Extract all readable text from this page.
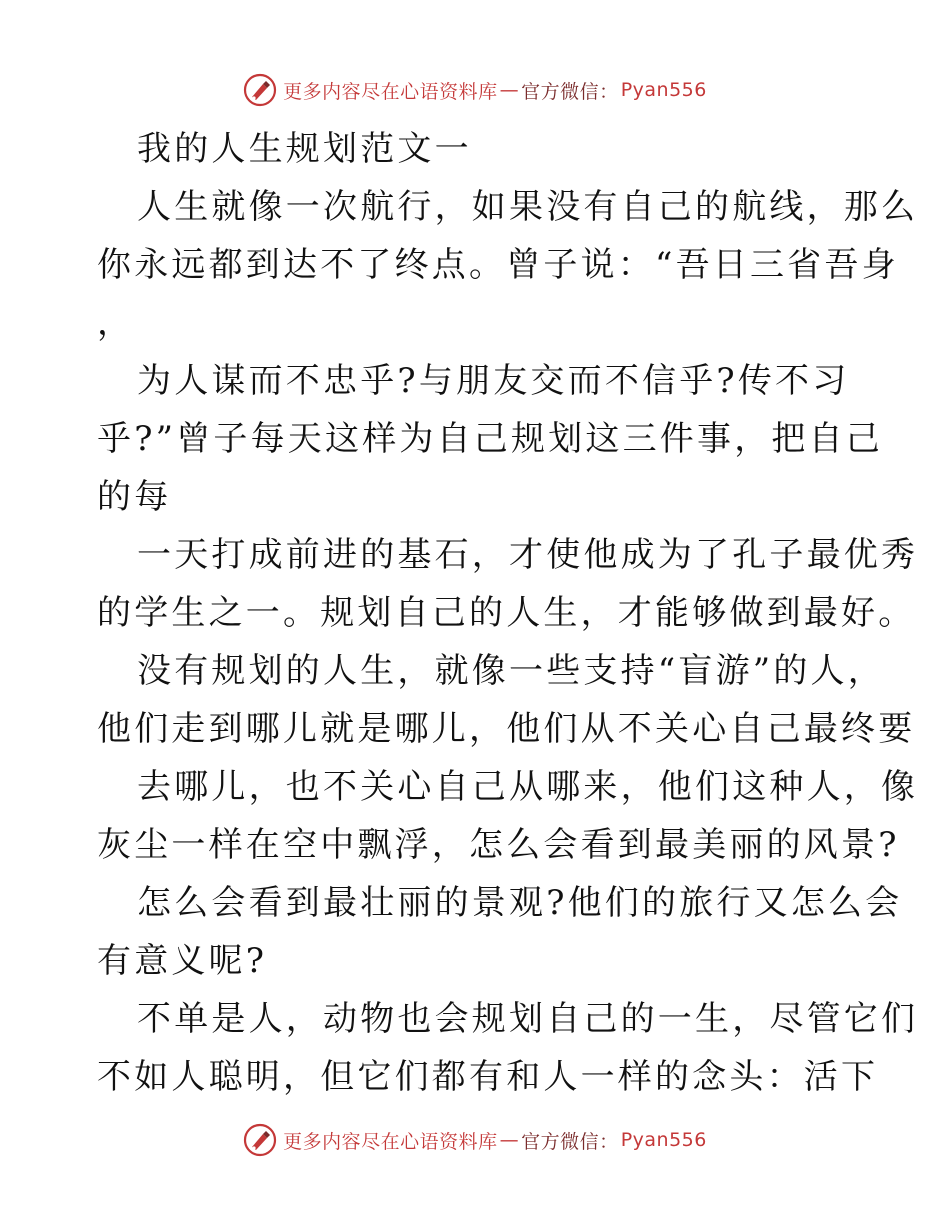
更多内容尽在心语资料库 — 官方微信： Pyan556
我的人生规划范文一
人生就像一次航行，如果没有自己的航线，那么
你永远都到达不了终点。曾子说：“吾日三省吾身
，
为人谋而不忠乎?与朋友交而不信乎?传不习
乎?”曾子每天这样为自己规划这三件事，把自己
的每
一天打成前进的基石，才使他成为了孔子最优秀
的学生之一。规划自己的人生，才能够做到最好。
没有规划的人生，就像一些支持“盲游”的人，
他们走到哪儿就是哪儿，他们从不关心自己最终要
去哪儿，也不关心自己从哪来，他们这种人，像
灰尘一样在空中飘浮，怎么会看到最美丽的风景?
怎么会看到最壮丽的景观?他们的旅行又怎么会
有意义呢?
不单是人，动物也会规划自己的一生，尽管它们
不如人聪明，但它们都有和人一样的念头：活下
更多内容尽在心语资料库 — 官方微信： Pyan556
